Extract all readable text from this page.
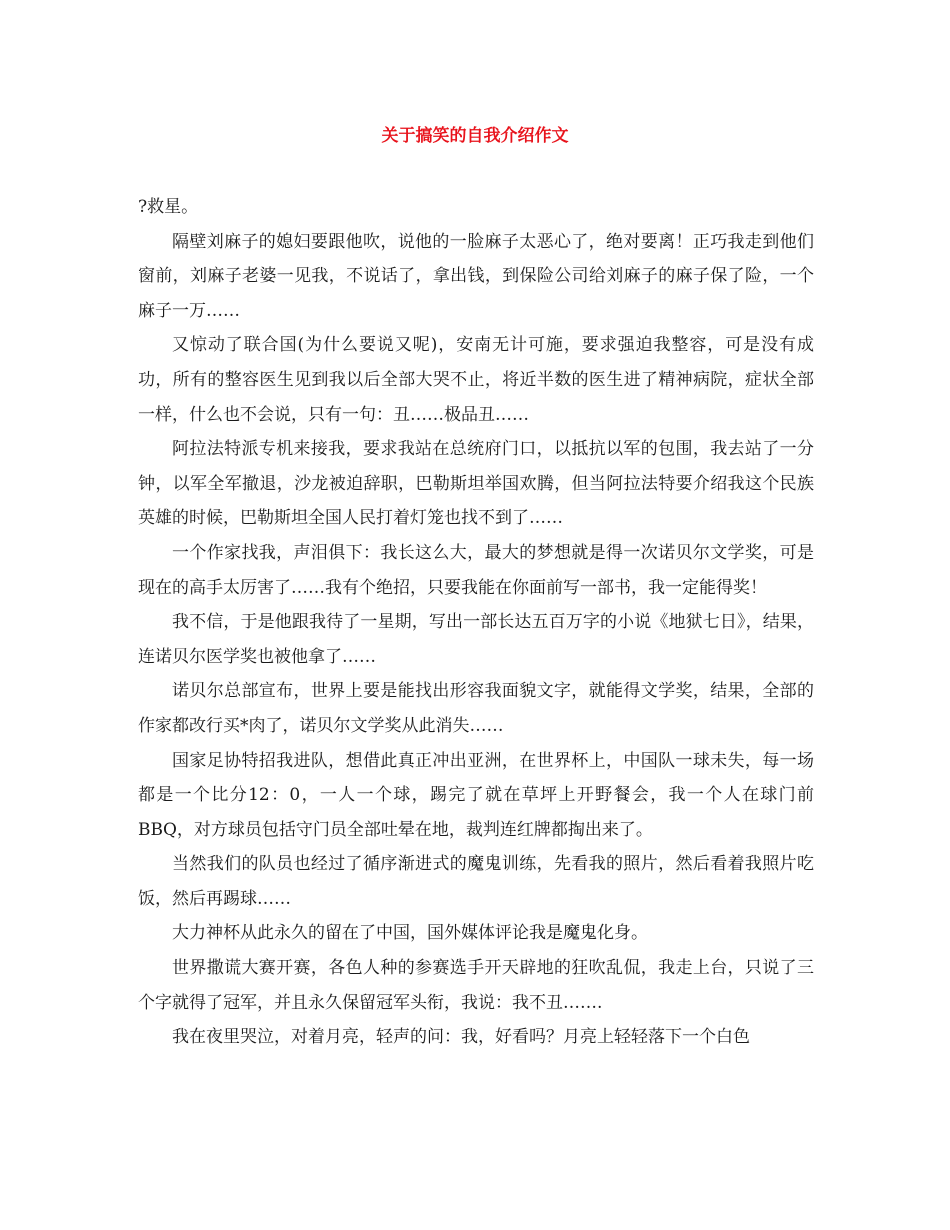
关于搞笑的自我介绍作文

?救星。

隔壁刘麻子的媳妇要跟他吹，说他的一脸麻子太恶心了，绝对要离！正巧我走到他们窗前，刘麻子老婆一见我，不说话了，拿出钱，到保险公司给刘麻子的麻子保了险，一个麻子一万……

又惊动了联合国(为什么要说又呢)，安南无计可施，要求强迫我整容，可是没有成功，所有的整容医生见到我以后全部大哭不止，将近半数的医生进了精神病院，症状全部一样，什么也不会说，只有一句：丑……极品丑……

阿拉法特派专机来接我，要求我站在总统府门口，以抵抗以军的包围，我去站了一分钟，以军全军撤退，沙龙被迫辞职，巴勒斯坦举国欢腾，但当阿拉法特要介绍我这个民族英雄的时候，巴勒斯坦全国人民打着灯笼也找不到了……

一个作家找我，声泪俱下：我长这么大，最大的梦想就是得一次诺贝尔文学奖，可是现在的高手太厉害了……我有个绝招，只要我能在你面前写一部书，我一定能得奖！

我不信，于是他跟我待了一星期，写出一部长达五百万字的小说《地狱七日》，结果，连诺贝尔医学奖也被他拿了……

诺贝尔总部宣布，世界上要是能找出形容我面貌文字，就能得文学奖，结果，全部的作家都改行买*肉了，诺贝尔文学奖从此消失……

国家足协特招我进队，想借此真正冲出亚洲，在世界杯上，中国队一球未失，每一场都是一个比分12：0，一人一个球，踢完了就在草坪上开野餐会，我一个人在球门前BBQ，对方球员包括守门员全部吐晕在地，裁判连红牌都掏出来了。

当然我们的队员也经过了循序渐进式的魔鬼训练，先看我的照片，然后看着我照片吃饭，然后再踢球……

大力神杯从此永久的留在了中国，国外媒体评论我是魔鬼化身。

世界撒谎大赛开赛，各色人种的参赛选手开天辟地的狂吹乱侃，我走上台，只说了三个字就得了冠军，并且永久保留冠军头衔，我说：我不丑…….

我在夜里哭泣，对着月亮，轻声的问：我，好看吗？月亮上轻轻落下一个白色
